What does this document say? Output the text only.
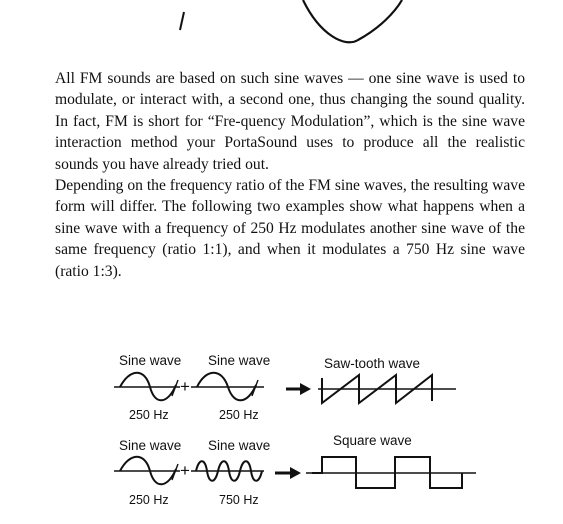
All FM sounds are based on such sine waves — one sine wave is used to modulate, or interact with, a second one, thus changing the sound quality. In fact, FM is short for “Fre-quency Modulation”, which is the sine wave interaction method your PortaSound uses to produce all the realistic sounds you have already tried out.

Depending on the frequency ratio of the FM sine waves, the resulting wave form will differ. The following two examples show what happens when a sine wave with a frequency of 250 Hz modulates another sine wave of the same frequency (ratio 1:1), and when it modulates a 750 Hz sine wave (ratio 1:3).

Sine wave Sine wave	Saw-tooth wave
250 Hz	250 Hz
Sine wave Sine wave	Square wave
250 Hz	750 Hz
+
+
